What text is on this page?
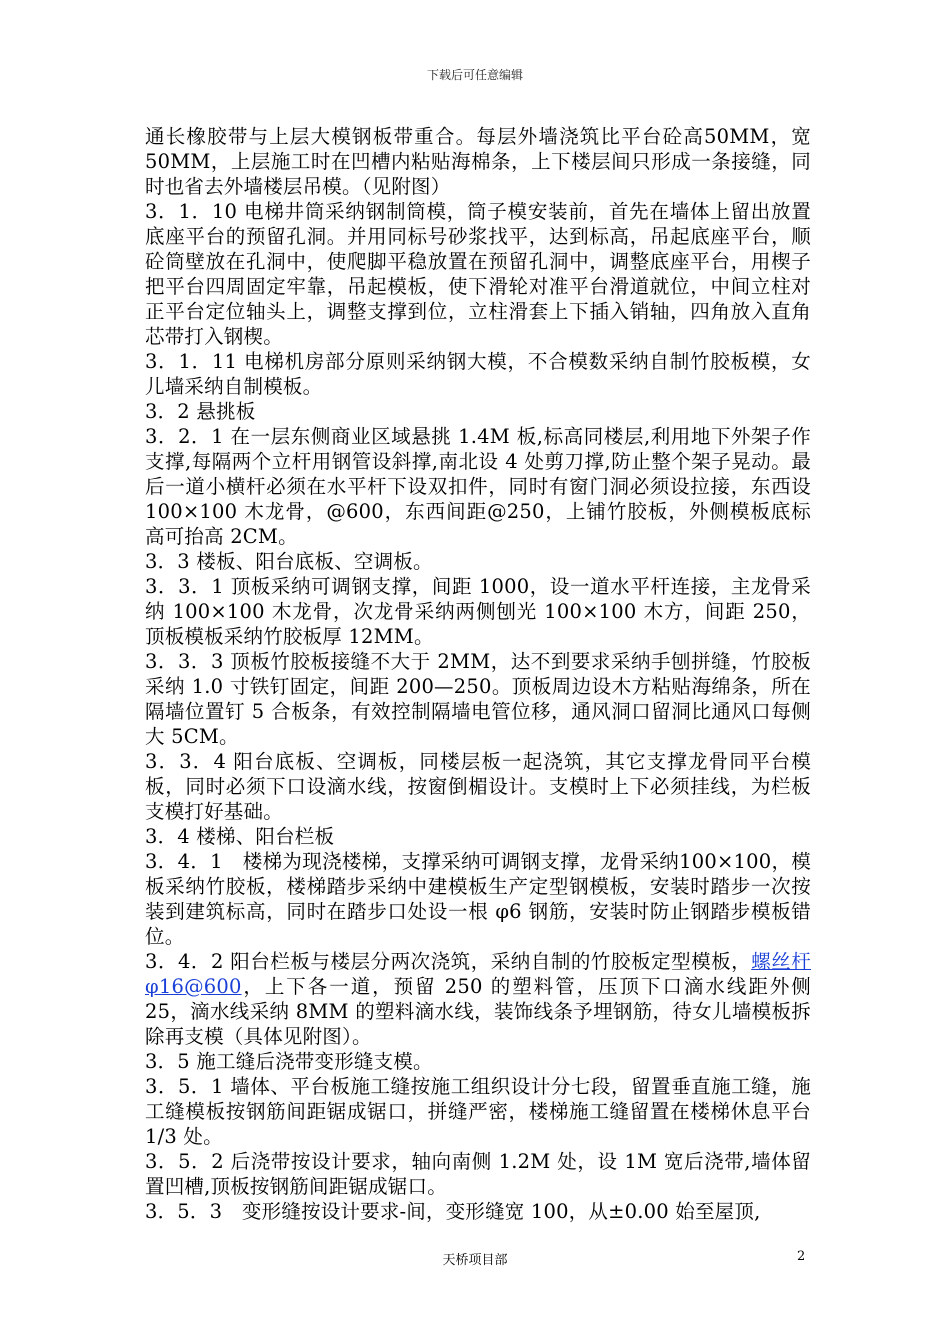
下载后可任意编辑

通长橡胶带与上层大模钢板带重合。每层外墙浇筑比平台砼高50MM，宽 50MM，上层施工时在凹槽内粘贴海棉条，上下楼层间只形成一条接缝，同时也省去外墙楼层吊模。（见附图）

3．1．10 电梯井筒采纳钢制筒模，筒子模安装前，首先在墙体上留出放置底座平台的预留孔洞。并用同标号砂浆找平，达到标高，吊起底座平台，顺砼筒壁放在孔洞中，使爬脚平稳放置在预留孔洞中，调整底座平台，用楔子把平台四周固定牢靠，吊起模板，使下滑轮对准平台滑道就位，中间立柱对正平台定位轴头上，调整支撑到位，立柱滑套上下插入销轴，四角放入直角芯带打入钢楔。

3．1．11 电梯机房部分原则采纳钢大模，不合模数采纳自制竹胶板模，女儿墙采纳自制模板。

3．2 悬挑板

3．2．1 在一层东侧商业区域悬挑 1.4M 板,标高同楼层,利用地下外架子作支撑,每隔两个立杆用钢管设斜撑,南北设 4 处剪刀撑,防止整个架子晃动。最后一道小横杆必须在水平杆下设双扣件，同时有窗门洞必须设拉接，东西设 100×100 木龙骨，@600，东西间距@250，上铺竹胶板，外侧模板底标高可抬高 2CM。

3．3 楼板、阳台底板、空调板。

3．3．1 顶板采纳可调钢支撑，间距 1000，设一道水平杆连接，主龙骨采纳 100×100 木龙骨，次龙骨采纳两侧刨光 100×100 木方，间距 250，顶板模板采纳竹胶板厚 12MM。

3．3．3 顶板竹胶板接缝不大于 2MM，达不到要求采纳手刨拼缝，竹胶板采纳 1.0 寸铁钉固定，间距 200—250。顶板周边设木方粘贴海绵条，所在隔墙位置钉 5 合板条，有效控制隔墙电管位移，通风洞口留洞比通风口每侧大 5CM。

3．3．4 阳台底板、空调板，同楼层板一起浇筑，其它支撑龙骨同平台模板，同时必须下口设滴水线，按窗倒楣设计。支模时上下必须挂线，为栏板支模打好基础。

3．4 楼梯、阳台栏板

3．4．1　楼梯为现浇楼梯，支撑采纳可调钢支撑，龙骨采纳100×100，模板采纳竹胶板，楼梯踏步采纳中建模板生产定型钢模板，安装时踏步一次按装到建筑标高，同时在踏步口处设一根 φ6 钢筋，安装时防止钢踏步模板错位。

3．4．2 阳台栏板与楼层分两次浇筑，采纳自制的竹胶板定型模板，螺丝杆 φ16@600，上下各一道，预留 250 的塑料管，压顶下口滴水线距外侧 25，滴水线采纳 8MM 的塑料滴水线，装饰线条予埋钢筋，待女儿墙模板拆除再支模（具体见附图）。

3．5 施工缝后浇带变形缝支模。

3．5．1 墙体、平台板施工缝按施工组织设计分七段，留置垂直施工缝，施工缝模板按钢筋间距锯成锯口，拼缝严密，楼梯施工缝留置在楼梯休息平台 1/3 处。

3．5．2 后浇带按设计要求，轴向南侧 1.2M 处，设 1M 宽后浇带,墙体留置凹槽,顶板按钢筋间距锯成锯口。

3．5．3　变形缝按设计要求-间，变形缝宽 100，从±0.00 始至屋顶,

天桥项目部	2
